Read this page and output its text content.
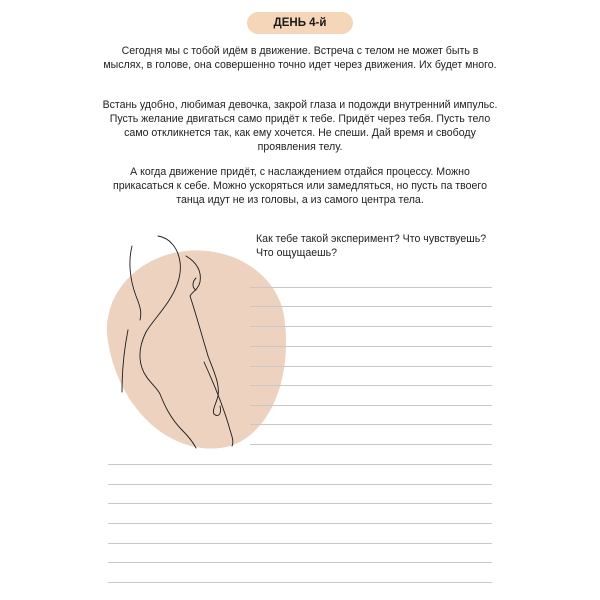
ДЕНЬ 4-й

Сегодня мы с тобой идём в движение. Встреча с телом не может быть в мыслях, в голове, она совершенно точно идет через движения. Их будет много.

Встань удобно, любимая девочка, закрой глаза и подожди внутренний импульс. Пусть желание двигаться само придёт к тебе. Придёт через тебя. Пусть тело само откликнется так, как ему хочется. Не спеши. Дай время и свободу проявления телу.

А когда движение придёт, с наслаждением отдайся процессу. Можно прикасаться к себе. Можно ускоряться или замедляться, но пусть па твоего танца идут не из головы, а из самого центра тела.

Как тебе такой эксперимент? Что чувствуешь? Что ощущаешь?
